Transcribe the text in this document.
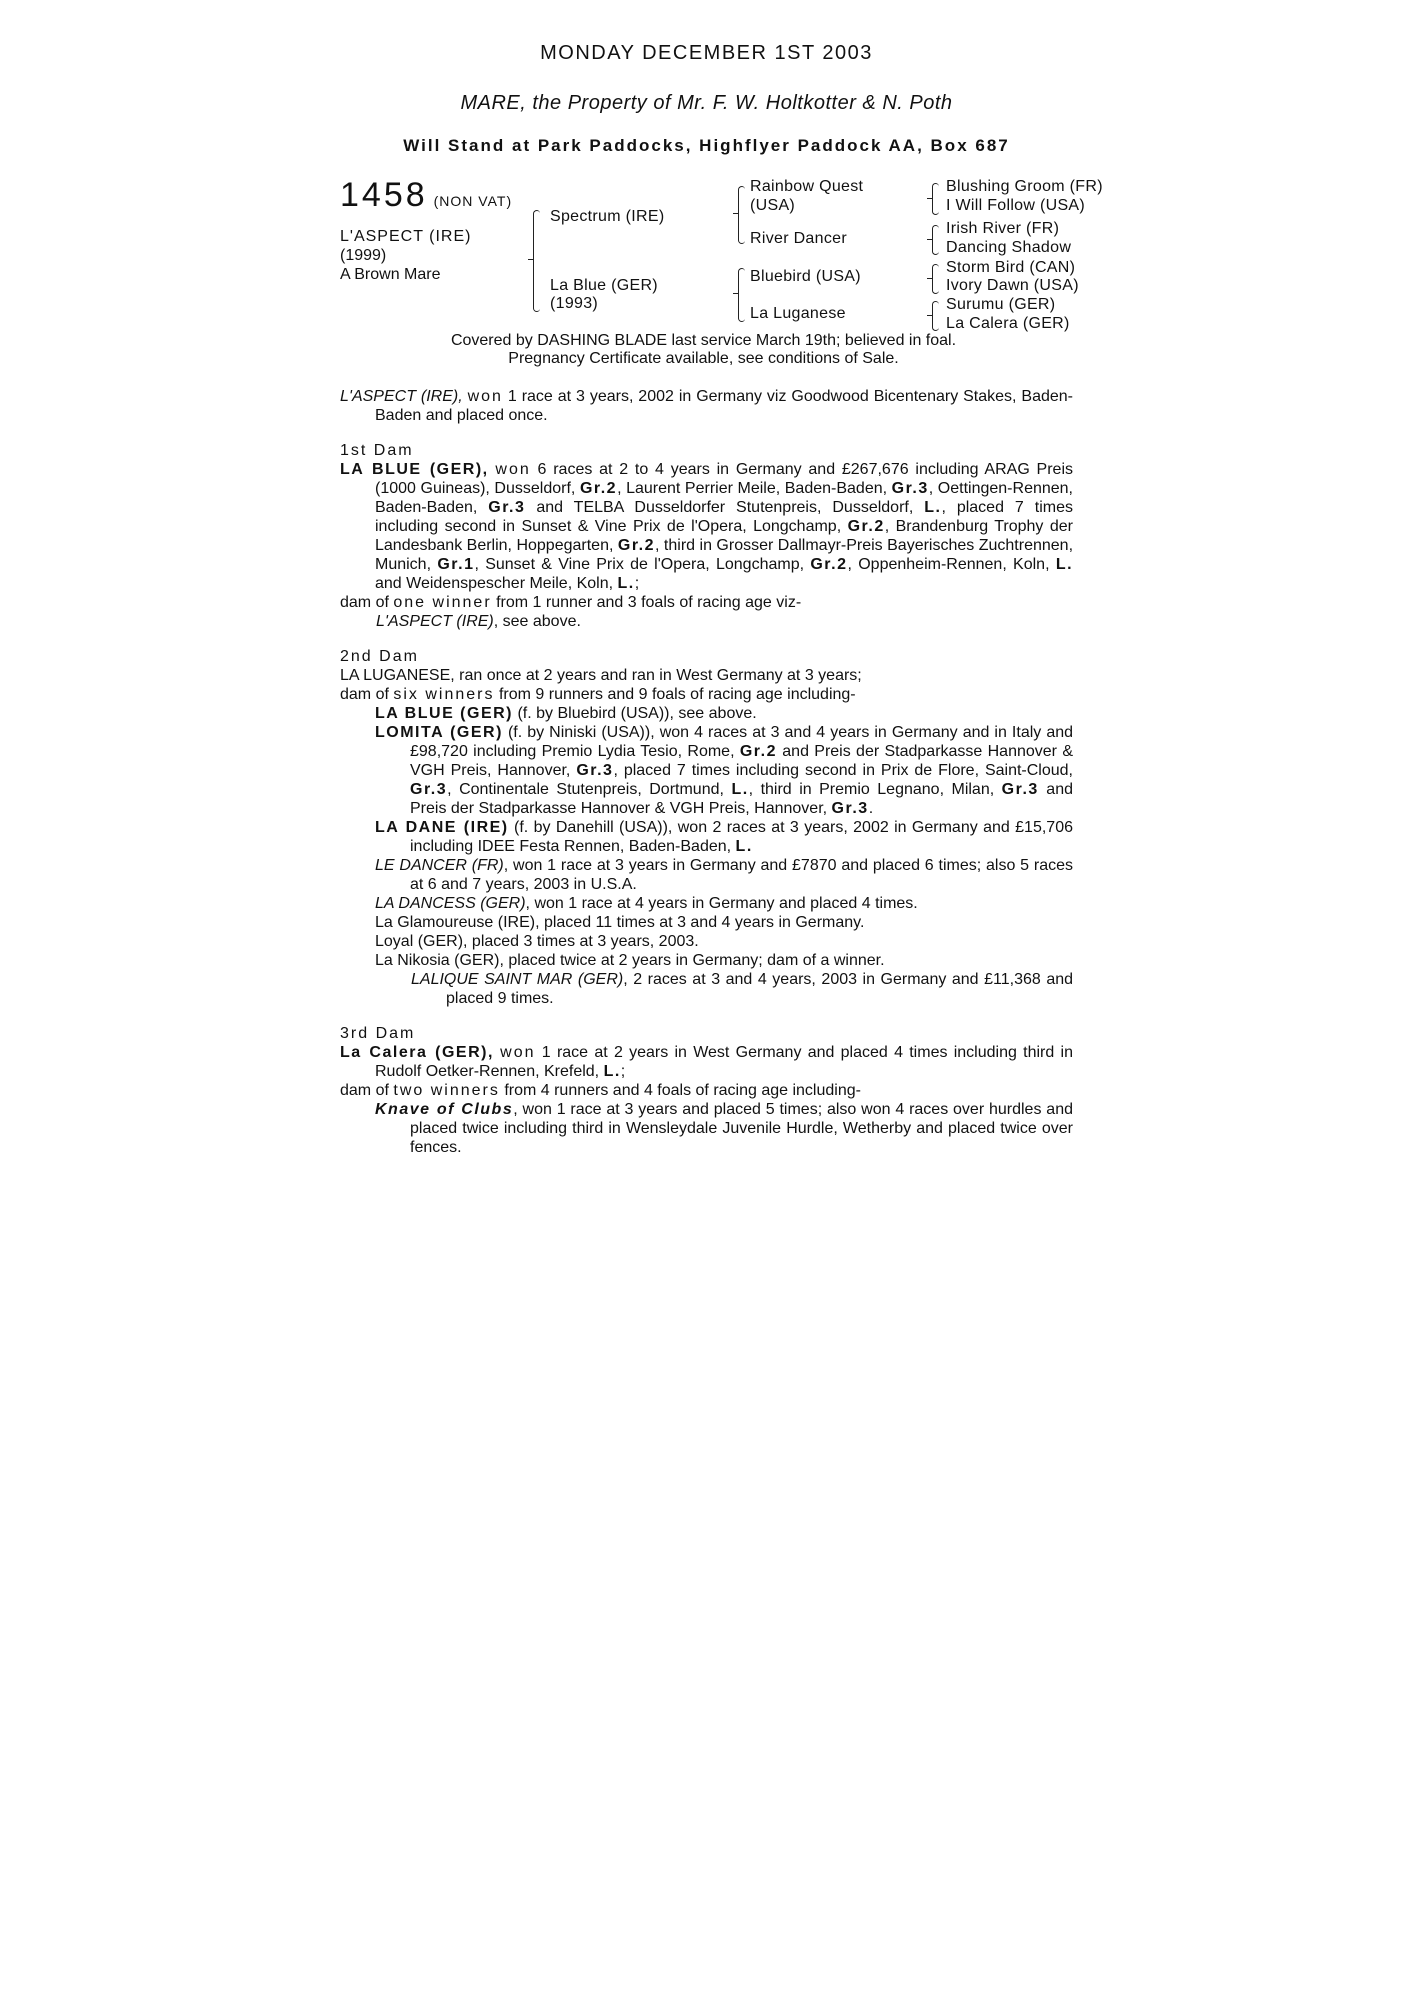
MONDAY DECEMBER 1ST 2003
MARE, the Property of Mr. F. W. Holtkotter & N. Poth
Will Stand at Park Paddocks, Highflyer Paddock AA, Box 687
1458 (NON VAT)
L'ASPECT (IRE)
(1999)
A Brown Mare
Spectrum (IRE)
La Blue (GER)
(1993)
Rainbow Quest
(USA)
River Dancer
Bluebird (USA)
La Luganese
Blushing Groom (FR)
I Will Follow (USA)
Irish River (FR)
Dancing Shadow
Storm Bird (CAN)
Ivory Dawn (USA)
Surumu (GER)
La Calera (GER)
Covered by DASHING BLADE last service March 19th; believed in foal.
Pregnancy Certificate available, see conditions of Sale.

L'ASPECT (IRE), won 1 race at 3 years, 2002 in Germany viz Goodwood Bicentenary Stakes, Baden-Baden and placed once.

1st Dam

LA BLUE (GER), won 6 races at 2 to 4 years in Germany and £267,676 including ARAG Preis (1000 Guineas), Dusseldorf, Gr.2, Laurent Perrier Meile, Baden-Baden, Gr.3, Oettingen-Rennen, Baden-Baden, Gr.3 and TELBA Dusseldorfer Stutenpreis, Dusseldorf, L., placed 7 times including second in Sunset & Vine Prix de l'Opera, Longchamp, Gr.2, Brandenburg Trophy der Landesbank Berlin, Hoppegarten, Gr.2, third in Grosser Dallmayr-Preis Bayerisches Zuchtrennen, Munich, Gr.1, Sunset & Vine Prix de l'Opera, Longchamp, Gr.2, Oppenheim-Rennen, Koln, L. and Weidenspescher Meile, Koln, L.;

dam of one winner from 1 runner and 3 foals of racing age viz-

L'ASPECT (IRE), see above.

2nd Dam

LA LUGANESE, ran once at 2 years and ran in West Germany at 3 years;

dam of six winners from 9 runners and 9 foals of racing age including-

LA BLUE (GER) (f. by Bluebird (USA)), see above.

LOMITA (GER) (f. by Niniski (USA)), won 4 races at 3 and 4 years in Germany and in Italy and £98,720 including Premio Lydia Tesio, Rome, Gr.2 and Preis der Stadparkasse Hannover & VGH Preis, Hannover, Gr.3, placed 7 times including second in Prix de Flore, Saint-Cloud, Gr.3, Continentale Stutenpreis, Dortmund, L., third in Premio Legnano, Milan, Gr.3 and Preis der Stadparkasse Hannover & VGH Preis, Hannover, Gr.3.

LA DANE (IRE) (f. by Danehill (USA)), won 2 races at 3 years, 2002 in Germany and £15,706 including IDEE Festa Rennen, Baden-Baden, L.

LE DANCER (FR), won 1 race at 3 years in Germany and £7870 and placed 6 times; also 5 races at 6 and 7 years, 2003 in U.S.A.

LA DANCESS (GER), won 1 race at 4 years in Germany and placed 4 times.

La Glamoureuse (IRE), placed 11 times at 3 and 4 years in Germany.

Loyal (GER), placed 3 times at 3 years, 2003.

La Nikosia (GER), placed twice at 2 years in Germany; dam of a winner.

LALIQUE SAINT MAR (GER), 2 races at 3 and 4 years, 2003 in Germany and £11,368 and placed 9 times.

3rd Dam

La Calera (GER), won 1 race at 2 years in West Germany and placed 4 times including third in Rudolf Oetker-Rennen, Krefeld, L.;

dam of two winners from 4 runners and 4 foals of racing age including-

Knave of Clubs, won 1 race at 3 years and placed 5 times; also won 4 races over hurdles and placed twice including third in Wensleydale Juvenile Hurdle, Wetherby and placed twice over fences.
